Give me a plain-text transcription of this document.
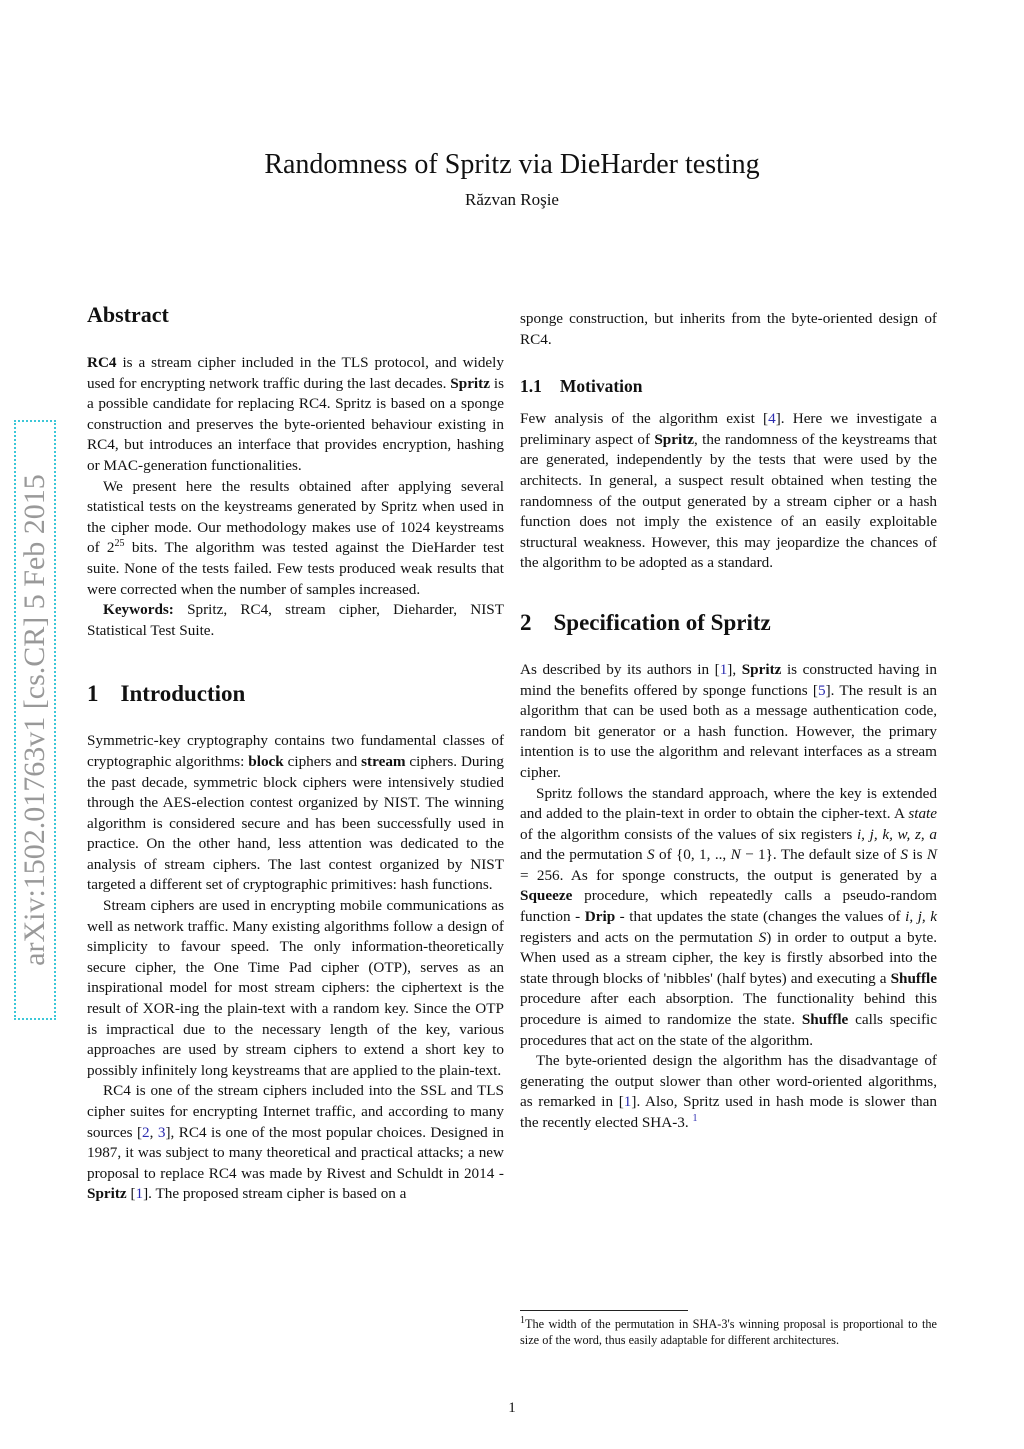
arXiv:1502.01763v1 [cs.CR] 5 Feb 2015
Randomness of Spritz via DieHarder testing
Răzvan Roşie
Abstract

RC4 is a stream cipher included in the TLS protocol, and widely used for encrypting network traffic during the last decades. Spritz is a possible candidate for replacing RC4. Spritz is based on a sponge construction and preserves the byte-oriented behaviour existing in RC4, but introduces an interface that provides encryption, hashing or MAC-generation functionalities.

We present here the results obtained after applying several statistical tests on the keystreams generated by Spritz when used in the cipher mode. Our methodology makes use of 1024 keystreams of $2^{25}$ bits. The algorithm was tested against the DieHarder test suite. None of the tests failed. Few tests produced weak results that were corrected when the number of samples increased.

Keywords: Spritz, RC4, stream cipher, Dieharder, NIST Statistical Test Suite.

1 Introduction

Symmetric-key cryptography contains two fundamental classes of cryptographic algorithms: block ciphers and stream ciphers. During the past decade, symmetric block ciphers were intensively studied through the AES-election contest organized by NIST. The winning algorithm is considered secure and has been successfully used in practice. On the other hand, less attention was dedicated to the analysis of stream ciphers. The last contest organized by NIST targeted a different set of cryptographic primitives: hash functions.

Stream ciphers are used in encrypting mobile communications as well as network traffic. Many existing algorithms follow a design of simplicity to favour speed. The only information-theoretically secure cipher, the One Time Pad cipher (OTP), serves as an inspirational model for most stream ciphers: the ciphertext is the result of XOR-ing the plain-text with a random key. Since the OTP is impractical due to the necessary length of the key, various approaches are used by stream ciphers to extend a short key to possibly infinitely long keystreams that are applied to the plain-text.

RC4 is one of the stream ciphers included into the SSL and TLS cipher suites for encrypting Internet traffic, and according to many sources [2, 3], RC4 is one of the most popular choices. Designed in 1987, it was subject to many theoretical and practical attacks; a new proposal to replace RC4 was made by Rivest and Schuldt in 2014 - Spritz [1]. The proposed stream cipher is based on a

sponge construction, but inherits from the byte-oriented design of RC4.

1.1 Motivation

Few analysis of the algorithm exist [4]. Here we investigate a preliminary aspect of Spritz, the randomness of the keystreams that are generated, independently by the tests that were used by the architects. In general, a suspect result obtained when testing the randomness of the output generated by a stream cipher or a hash function does not imply the existence of an easily exploitable structural weakness. However, this may jeopardize the chances of the algorithm to be adopted as a standard.

2 Specification of Spritz

As described by its authors in [1], Spritz is constructed having in mind the benefits offered by sponge functions [5]. The result is an algorithm that can be used both as a message authentication code, random bit generator or a hash function. However, the primary intention is to use the algorithm and relevant interfaces as a stream cipher.

Spritz follows the standard approach, where the key is extended and added to the plain-text in order to obtain the cipher-text. A state of the algorithm consists of the values of six registers i, j, k, w, z, a and the permutation S of {0, 1, .., N − 1}. The default size of S is N = 256. As for sponge constructs, the output is generated by a Squeeze procedure, which repeatedly calls a pseudo-random function - Drip - that updates the state (changes the values of i, j, k registers and acts on the permutation S) in order to output a byte. When used as a stream cipher, the key is firstly absorbed into the state through blocks of 'nibbles' (half bytes) and executing a Shuffle procedure after each absorption. The functionality behind this procedure is aimed to randomize the state. Shuffle calls specific procedures that act on the state of the algorithm.

The byte-oriented design the algorithm has the disadvantage of generating the output slower than other word-oriented algorithms, as remarked in [1]. Also, Spritz used in hash mode is slower than the recently elected SHA-3. $^1$

$^1$The width of the permutation in SHA-3's winning proposal is proportional to the size of the word, thus easily adaptable for different architectures.

1
